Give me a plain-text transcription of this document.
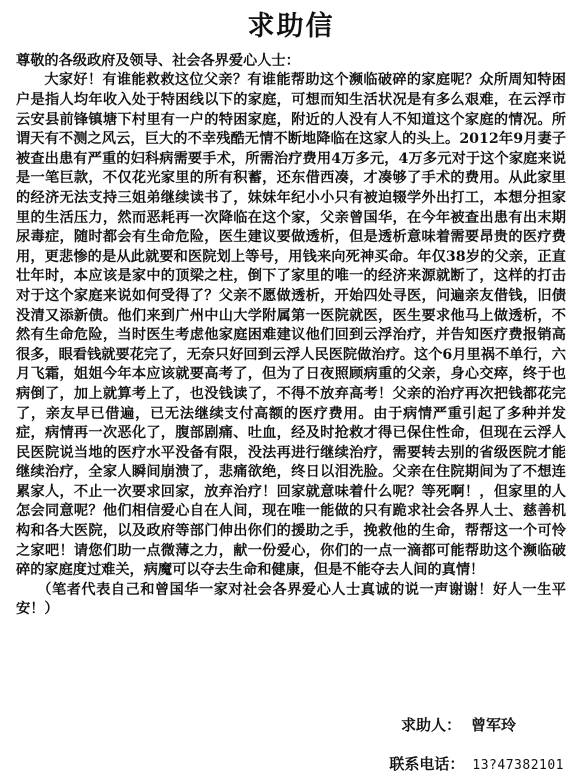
求助信

尊敬的各级政府及领导、社会各界爱心人士：

大家好！有谁能救救这位父亲？有谁能帮助这个濒临破碎的家庭呢？众所周知特困户是指人均年收入处于特困线以下的家庭，可想而知生活状况是有多么艰难，在云浮市云安县前锋镇塘下村里有一户的特困家庭，附近的人没有人不知道这个家庭的情况。所谓天有不测之风云，巨大的不幸残酷无情不断地降临在这家人的头上。2012年9月妻子被查出患有严重的妇科病需要手术，所需治疗费用4万多元，4万多元对于这个家庭来说是一笔巨款，不仅花光家里的所有积蓄，还东借西凑，才凑够了手术的费用。从此家里的经济无法支持三姐弟继续读书了，妹妹年纪小小只有被迫辍学外出打工，本想分担家里的生活压力，然而恶耗再一次降临在这个家，父亲曾国华，在今年被查出患有出末期尿毒症，随时都会有生命危险，医生建议要做透析，但是透析意味着需要昂贵的医疗费用，更悲惨的是从此就要和医院划上等号，用钱来向死神买命。年仅38岁的父亲，正直壮年时，本应该是家中的顶梁之柱，倒下了家里的唯一的经济来源就断了，这样的打击对于这个家庭来说如何受得了？父亲不愿做透析，开始四处寻医，问遍亲友借钱，旧债没清又添新债。他们来到广州中山大学附属第一医院就医，医生要求他马上做透析，不然有生命危险，当时医生考虑他家庭困难建议他们回到云浮治疗，并告知医疗费报销高很多，眼看钱就要花完了，无奈只好回到云浮人民医院做治疗。这个6月里祸不单行，六月飞霜，姐姐今年本应该就要高考了，但为了日夜照顾病重的父亲，身心交瘁，终于也病倒了，加上就算考上了，也没钱读了，不得不放弃高考！父亲的治疗再次把钱都花完了，亲友早已借遍，已无法继续支付高额的医疗费用。由于病情严重引起了多种并发症，病情再一次恶化了，腹部剧痛、吐血，经及时抢救才得已保住性命，但现在云浮人民医院说当地的医疗水平没备有限，没法再进行继续治疗，需要转去别的省级医院才能继续治疗，全家人瞬间崩溃了，悲痛欲绝，终日以泪洗脸。父亲在住院期间为了不想连累家人，不止一次要求回家，放弃治疗！回家就意味着什么呢？等死啊！，但家里的人怎会同意呢？他们相信爱心自在人间，现在唯一能做的只有跪求社会各界人士、慈善机构和各大医院，以及政府等部门伸出你们的援助之手，挽救他的生命，帮帮这一个可怜之家吧！请您们助一点微薄之力，献一份爱心，你们的一点一滴都可能帮助这个濒临破碎的家庭度过难关，病魔可以夺去生命和健康，但是不能夺去人间的真情！

（笔者代表自己和曾国华一家对社会各界爱心人士真诚的说一声谢谢！好人一生平安！）

求助人： 曾军玲
联系电话： 13?47382101
